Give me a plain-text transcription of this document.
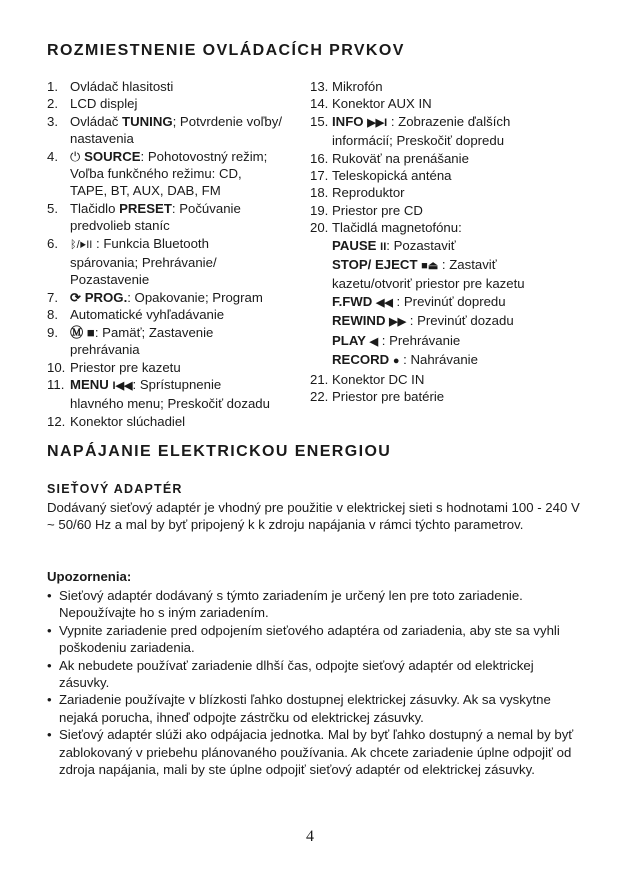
ROZMIESTNENIE OVLÁDACÍCH PRVKOV
1. Ovládač hlasitosti
2. LCD displej
3. Ovládač TUNING; Potvrdenie voľby/
nastavenia
4. ⏻ SOURCE: Pohotovostný režim;
Voľba funkčného režimu: CD,
TAPE, BT, AUX, DAB, FM
5. Tlačidlo PRESET: Počúvanie
predvolieb staníc
6.	ᛒ/▶II : Funkcia Bluetooth
spárovania; Prehrávanie/
Pozastavenie
7. ⟳ PROG.: Opakovanie; Program
8. Automatické vyhľadávanie
9. Ⓜ ■: Pamäť; Zastavenie
prehrávania
10. Priestor pre kazetu
11. MENU I◀◀: Sprístupnenie
hlavného menu; Preskočiť dozadu
12. Konektor slúchadiel
13. Mikrofón
14. Konektor AUX IN
15. INFO ▶▶I : Zobrazenie ďalších
informácií; Preskočiť dopredu
16. Rukoväť na prenášanie
17. Teleskopická anténa
18. Reproduktor
19. Priestor pre CD
20. Tlačidlá magnetofónu:
PAUSE II: Pozastaviť
STOP/ EJECT ■⏏ : Zastaviť
kazetu/otvoriť priestor pre kazetu
F.FWD ◀◀ : Previnúť dopredu
REWIND ▶▶ : Previnúť dozadu
PLAY ◀ : Prehrávanie
RECORD ● : Nahrávanie
21. Konektor DC IN
22. Priestor pre batérie
NAPÁJANIE ELEKTRICKOU ENERGIOU
SIEŤOVÝ ADAPTÉR

Dodávaný sieťový adaptér je vhodný pre použitie v elektrickej sieti s hodnotami 100 - 240 V ~ 50/60 Hz a mal by byť pripojený k k zdroju napájania v rámci týchto parametrov.

Upozornenia:
• Sieťový adaptér dodávaný s týmto zariadením je určený len pre toto zariadenie. Nepoužívajte ho s iným zariadením.
• Vypnite zariadenie pred odpojením sieťového adaptéra od zariadenia, aby ste sa vyhli poškodeniu zariadenia.
• Ak nebudete používať zariadenie dlhší čas, odpojte sieťový adaptér od elektrickej zásuvky.
• Zariadenie používajte v blízkosti ľahko dostupnej elektrickej zásuvky. Ak sa vyskytne nejaká porucha, ihneď odpojte zástrčku od elektrickej zásuvky.
• Sieťový adaptér slúži ako odpájacia jednotka. Mal by byť ľahko dostupný a nemal by byť zablokovaný v priebehu plánovaného používania. Ak chcete zariadenie úplne odpojiť od zdroja napájania, mali by ste úplne odpojiť sieťový adaptér od elektrickej zásuvky.
4
